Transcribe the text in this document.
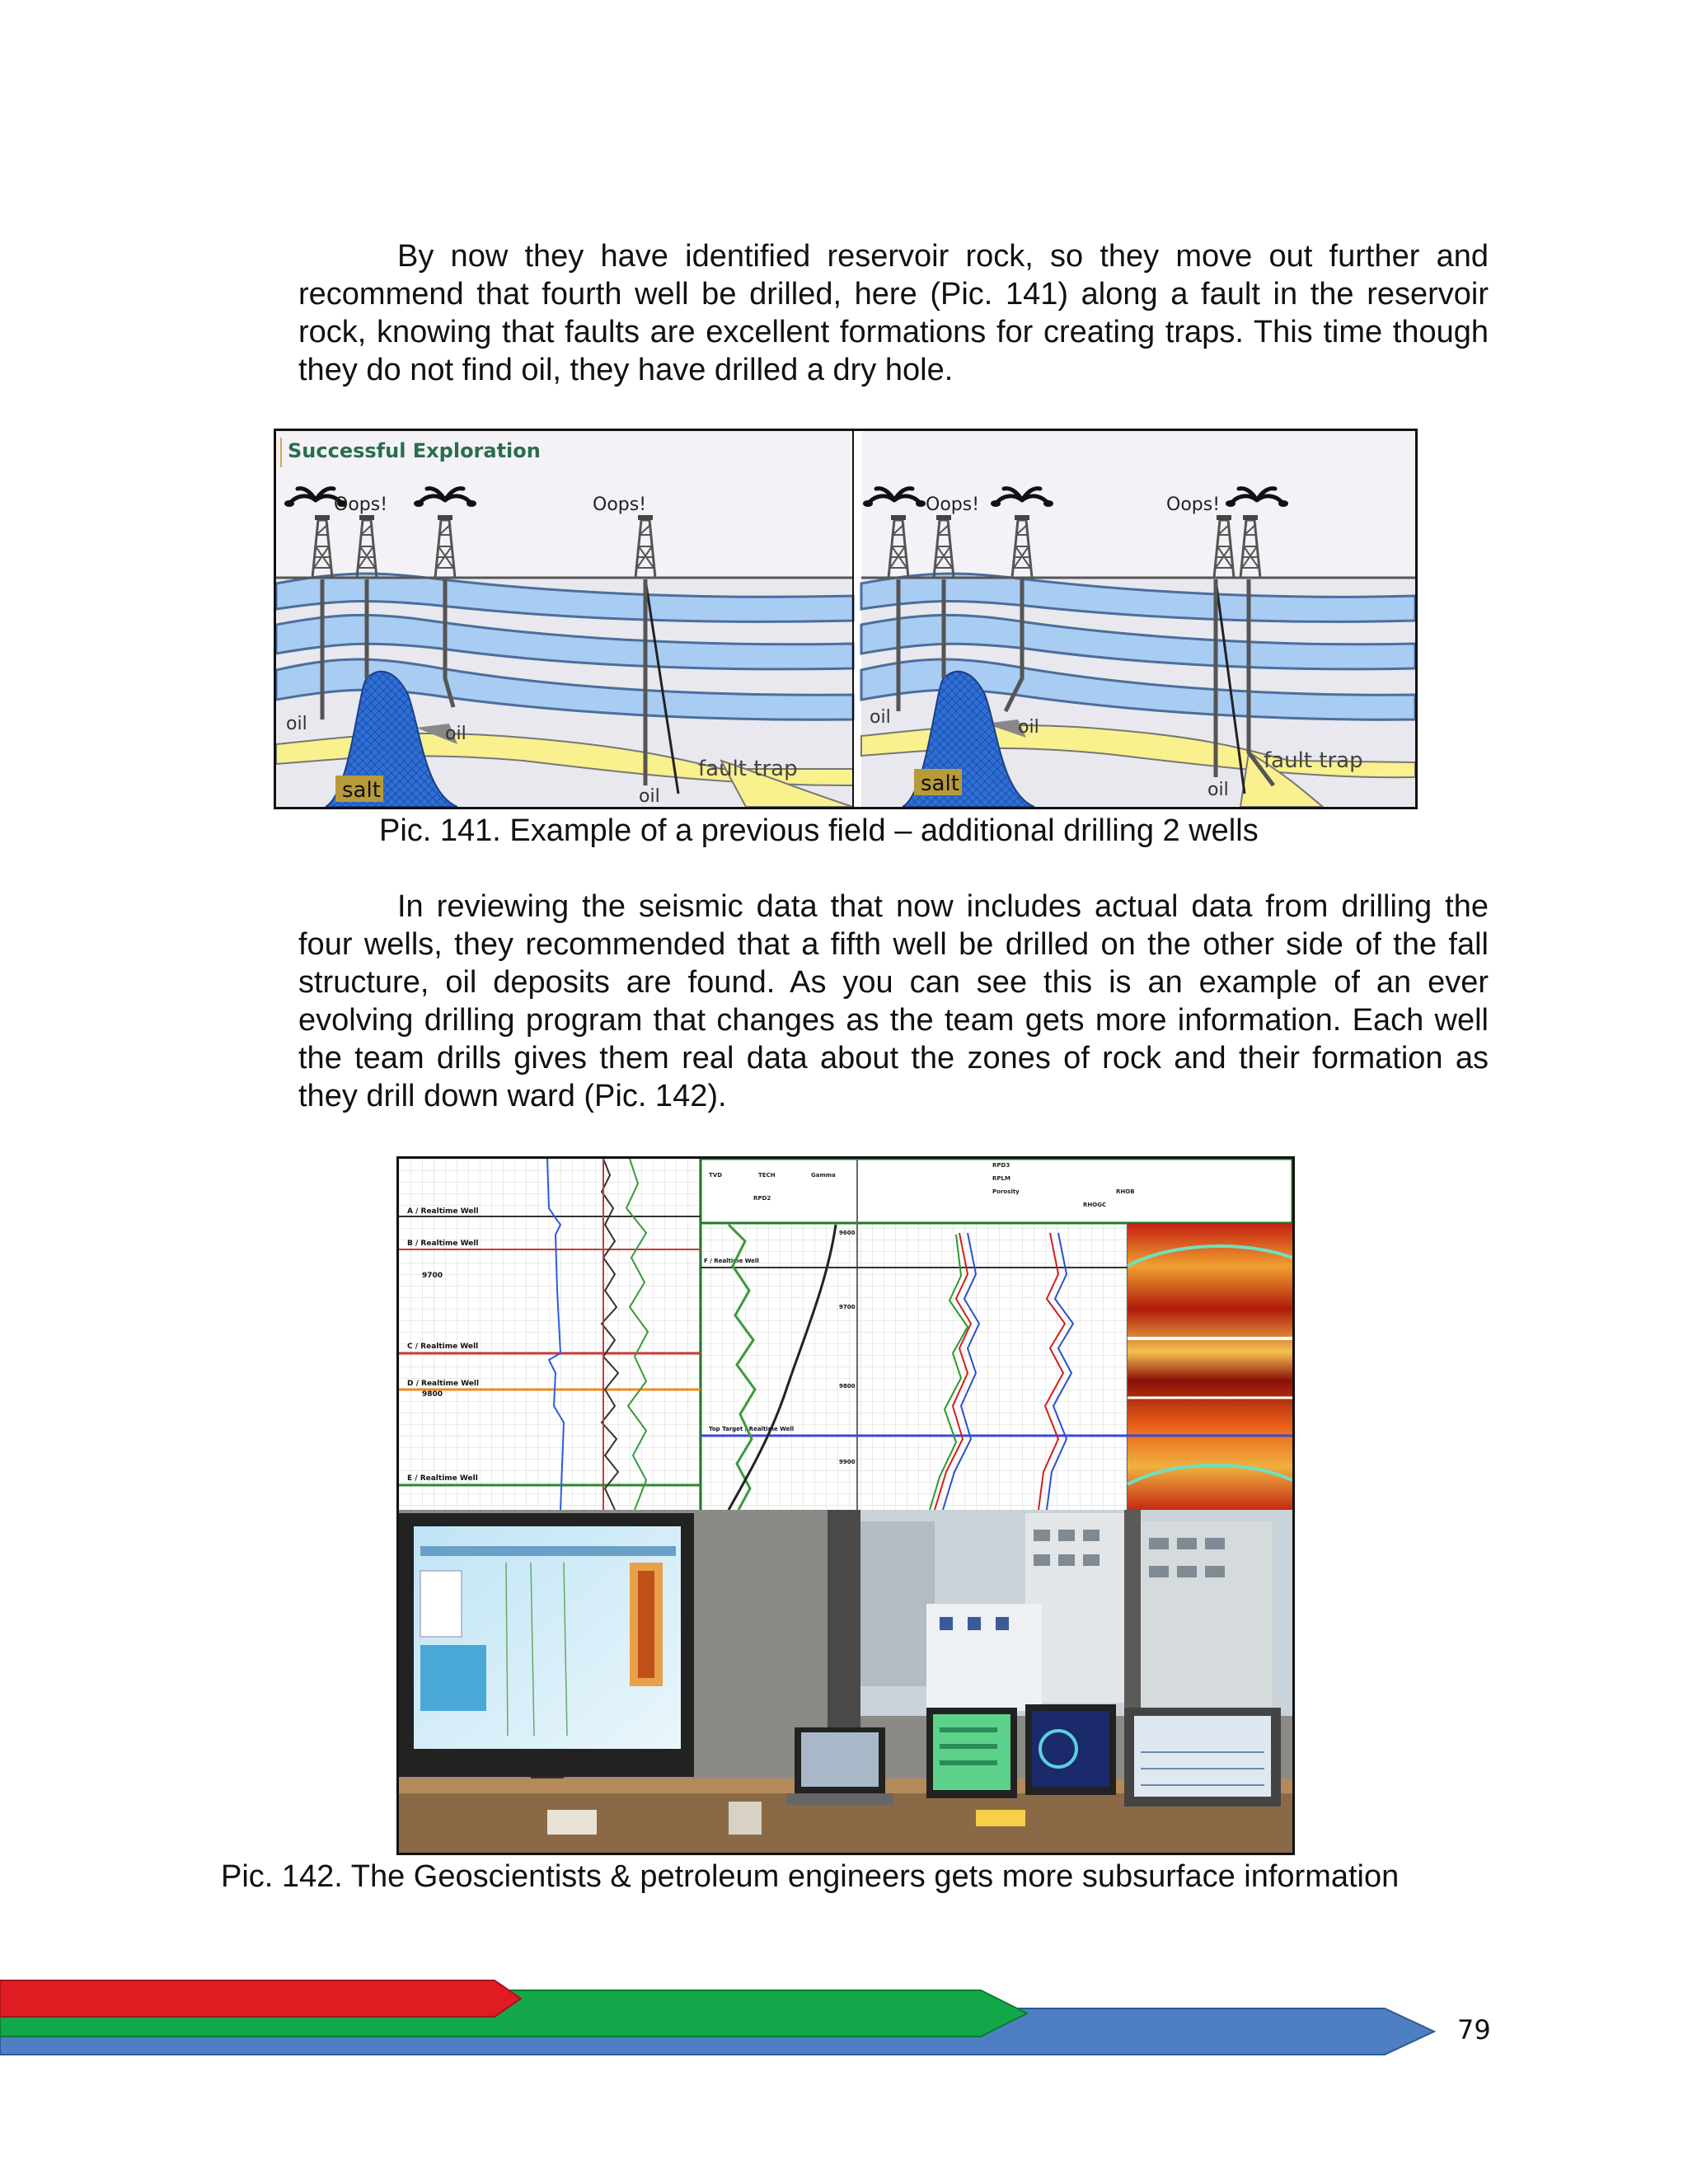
By now they have identified reservoir rock, so they move out further and recommend that fourth well be drilled, here (Pic. 141) along a fault in the reservoir rock, knowing that faults are excellent formations for creating traps. This time though they do not find oil, they have drilled a dry hole.

Successful Exploration
salt
Oops!	Oops!
oil	oil
oil
fault trap
salt
Oops!	Oops!
oil	oil
oil
fault trap

Pic. 141. Example of a previous field – additional drilling 2 wells

In reviewing the seismic data that now includes actual data from drilling the four wells, they recommended that a fifth well be drilled on the other side of the fall structure, oil deposits are found. As you can see this is an example of an ever evolving drilling program that changes as the team gets more information. Each well the team drills gives them real data about the zones of rock and their formation as they drill down ward (Pic. 142).

TVD	TECH	Gamma
RPD2
RPD3
RPLM
Porosity	RHOB
RHOGC
A / Realtime Well
B / Realtime Well
9700
C / Realtime Well
D / Realtime Well
9800
E / Realtime Well
F / Realtime Well
Top Target / Realtime Well
9600
9700
9800
9900

Pic. 142. The Geoscientists & petroleum engineers gets more subsurface information

79
